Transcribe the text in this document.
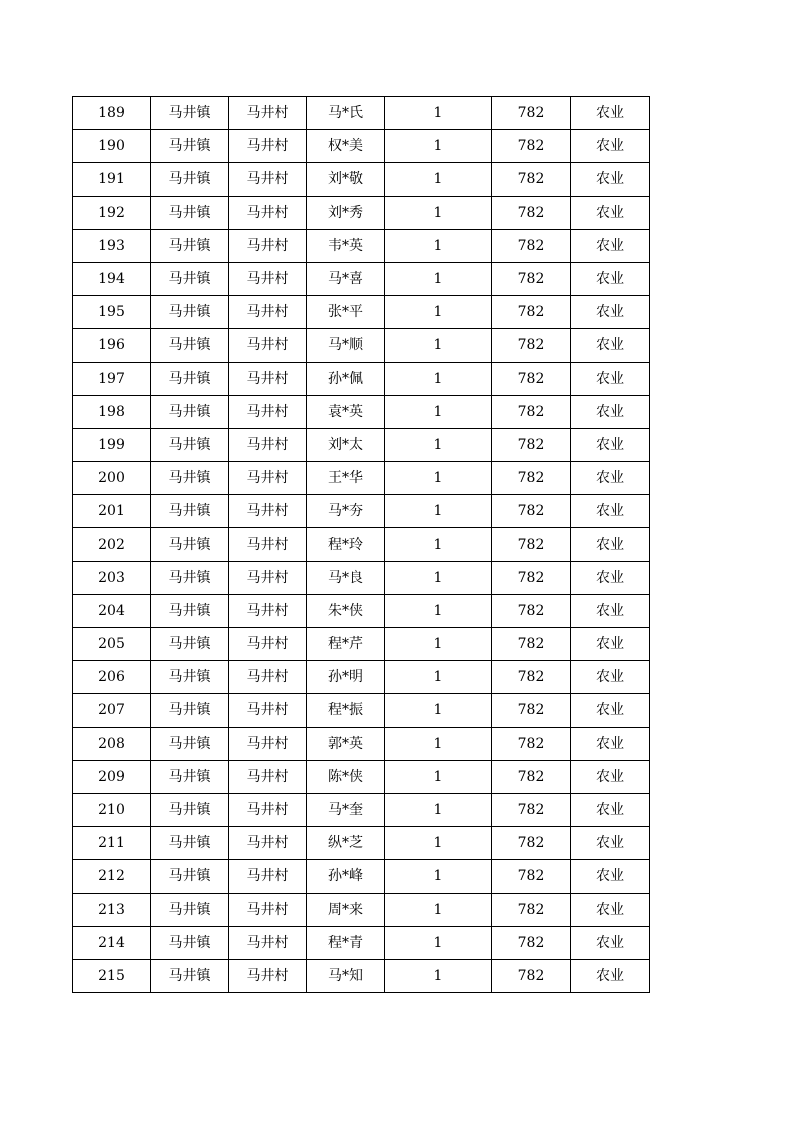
189	马井镇	马井村	马*氏	1	782	农业
190	马井镇	马井村	权*美	1	782	农业
191	马井镇	马井村	刘*敬	1	782	农业
192	马井镇	马井村	刘*秀	1	782	农业
193	马井镇	马井村	韦*英	1	782	农业
194	马井镇	马井村	马*喜	1	782	农业
195	马井镇	马井村	张*平	1	782	农业
196	马井镇	马井村	马*顺	1	782	农业
197	马井镇	马井村	孙*佩	1	782	农业
198	马井镇	马井村	袁*英	1	782	农业
199	马井镇	马井村	刘*太	1	782	农业
200	马井镇	马井村	王*华	1	782	农业
201	马井镇	马井村	马*夯	1	782	农业
202	马井镇	马井村	程*玲	1	782	农业
203	马井镇	马井村	马*良	1	782	农业
204	马井镇	马井村	朱*侠	1	782	农业
205	马井镇	马井村	程*芹	1	782	农业
206	马井镇	马井村	孙*明	1	782	农业
207	马井镇	马井村	程*振	1	782	农业
208	马井镇	马井村	郭*英	1	782	农业
209	马井镇	马井村	陈*侠	1	782	农业
210	马井镇	马井村	马*奎	1	782	农业
211	马井镇	马井村	纵*芝	1	782	农业
212	马井镇	马井村	孙*峰	1	782	农业
213	马井镇	马井村	周*来	1	782	农业
214	马井镇	马井村	程*青	1	782	农业
215	马井镇	马井村	马*知	1	782	农业
